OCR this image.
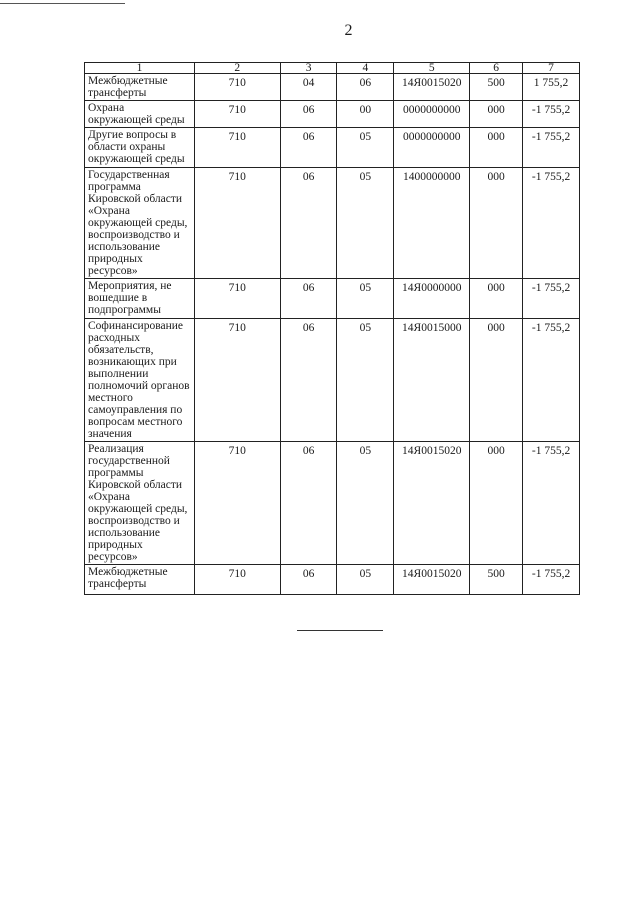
2
1	2	3	4	5	6	7
Межбюджетные трансферты	710	04	06	14Я0015020	500	1 755,2
Охрана окружающей среды	710	06	00	0000000000	000	-1 755,2
Другие вопросы в области охраны окружающей среды	710	06	05	0000000000	000	-1 755,2
Государственная программа Кировской области «Охрана окружающей среды, воспроизводство и использование природных ресурсов»	710	06	05	1400000000	000	-1 755,2
Мероприятия, не вошедшие в подпрограммы	710	06	05	14Я0000000	000	-1 755,2
Софинансирование расходных обязательств, возникающих при выполнении полномочий органов местного самоуправления по вопросам местного значения	710	06	05	14Я0015000	000	-1 755,2
Реализация государственной программы Кировской области «Охрана окружающей среды, воспроизводство и использование природных ресурсов»	710	06	05	14Я0015020	000	-1 755,2
Межбюджетные трансферты	710	06	05	14Я0015020	500	-1 755,2
